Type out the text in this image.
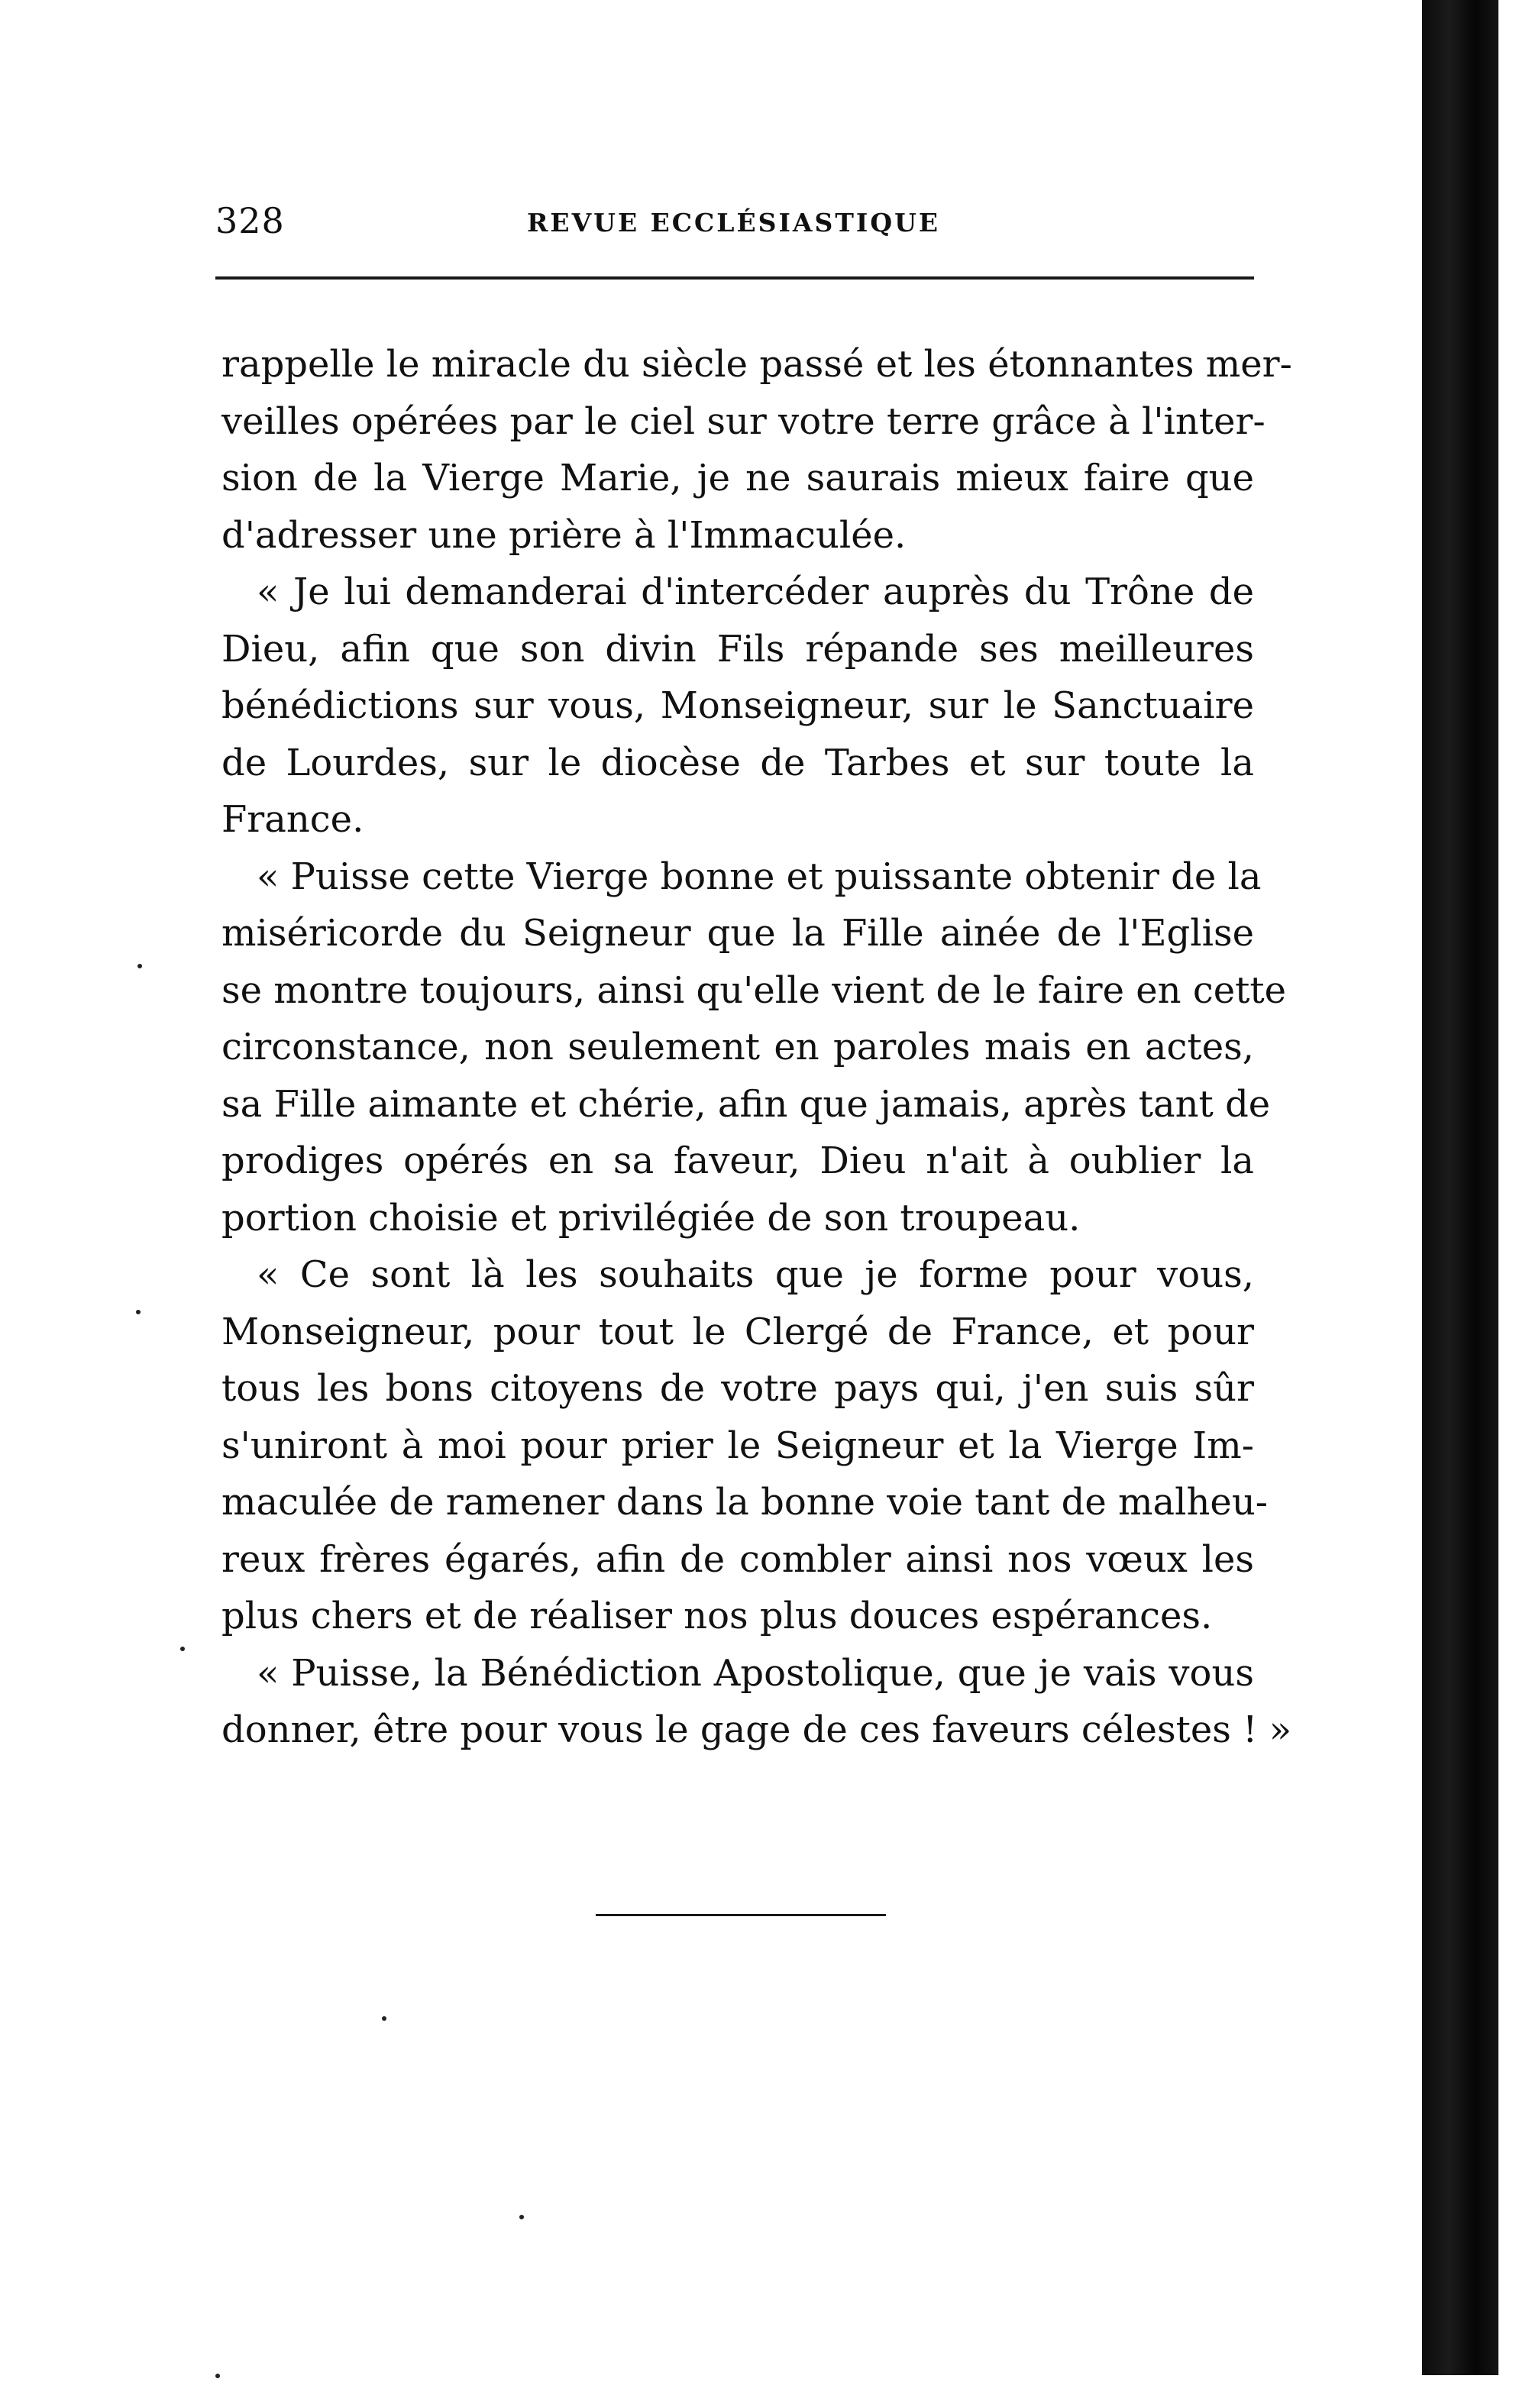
328	REVUE ECCLÉSIASTIQUE

rappelle le miracle du siècle passé et les étonnantes mer-
veilles opérées par le ciel sur votre terre grâce à l'inter-
sion de la Vierge Marie, je ne saurais mieux faire que
d'adresser une prière à l'Immaculée.

« Je lui demanderai d'intercéder auprès du Trône de
Dieu, afin que son divin Fils répande ses meilleures
bénédictions sur vous, Monseigneur, sur le Sanctuaire
de Lourdes, sur le diocèse de Tarbes et sur toute la
France.

« Puisse cette Vierge bonne et puissante obtenir de la
miséricorde du Seigneur que la Fille ainée de l'Eglise
se montre toujours, ainsi qu'elle vient de le faire en cette
circonstance, non seulement en paroles mais en actes,
sa Fille aimante et chérie, afin que jamais, après tant de
prodiges opérés en sa faveur, Dieu n'ait à oublier la
portion choisie et privilégiée de son troupeau.

« Ce sont là les souhaits que je forme pour vous,
Monseigneur, pour tout le Clergé de France, et pour
tous les bons citoyens de votre pays qui, j'en suis sûr
s'uniront à moi pour prier le Seigneur et la Vierge Im-
maculée de ramener dans la bonne voie tant de malheu-
reux frères égarés, afin de combler ainsi nos vœux les
plus chers et de réaliser nos plus douces espérances.

« Puisse, la Bénédiction Apostolique, que je vais vous
donner, être pour vous le gage de ces faveurs célestes ! »
